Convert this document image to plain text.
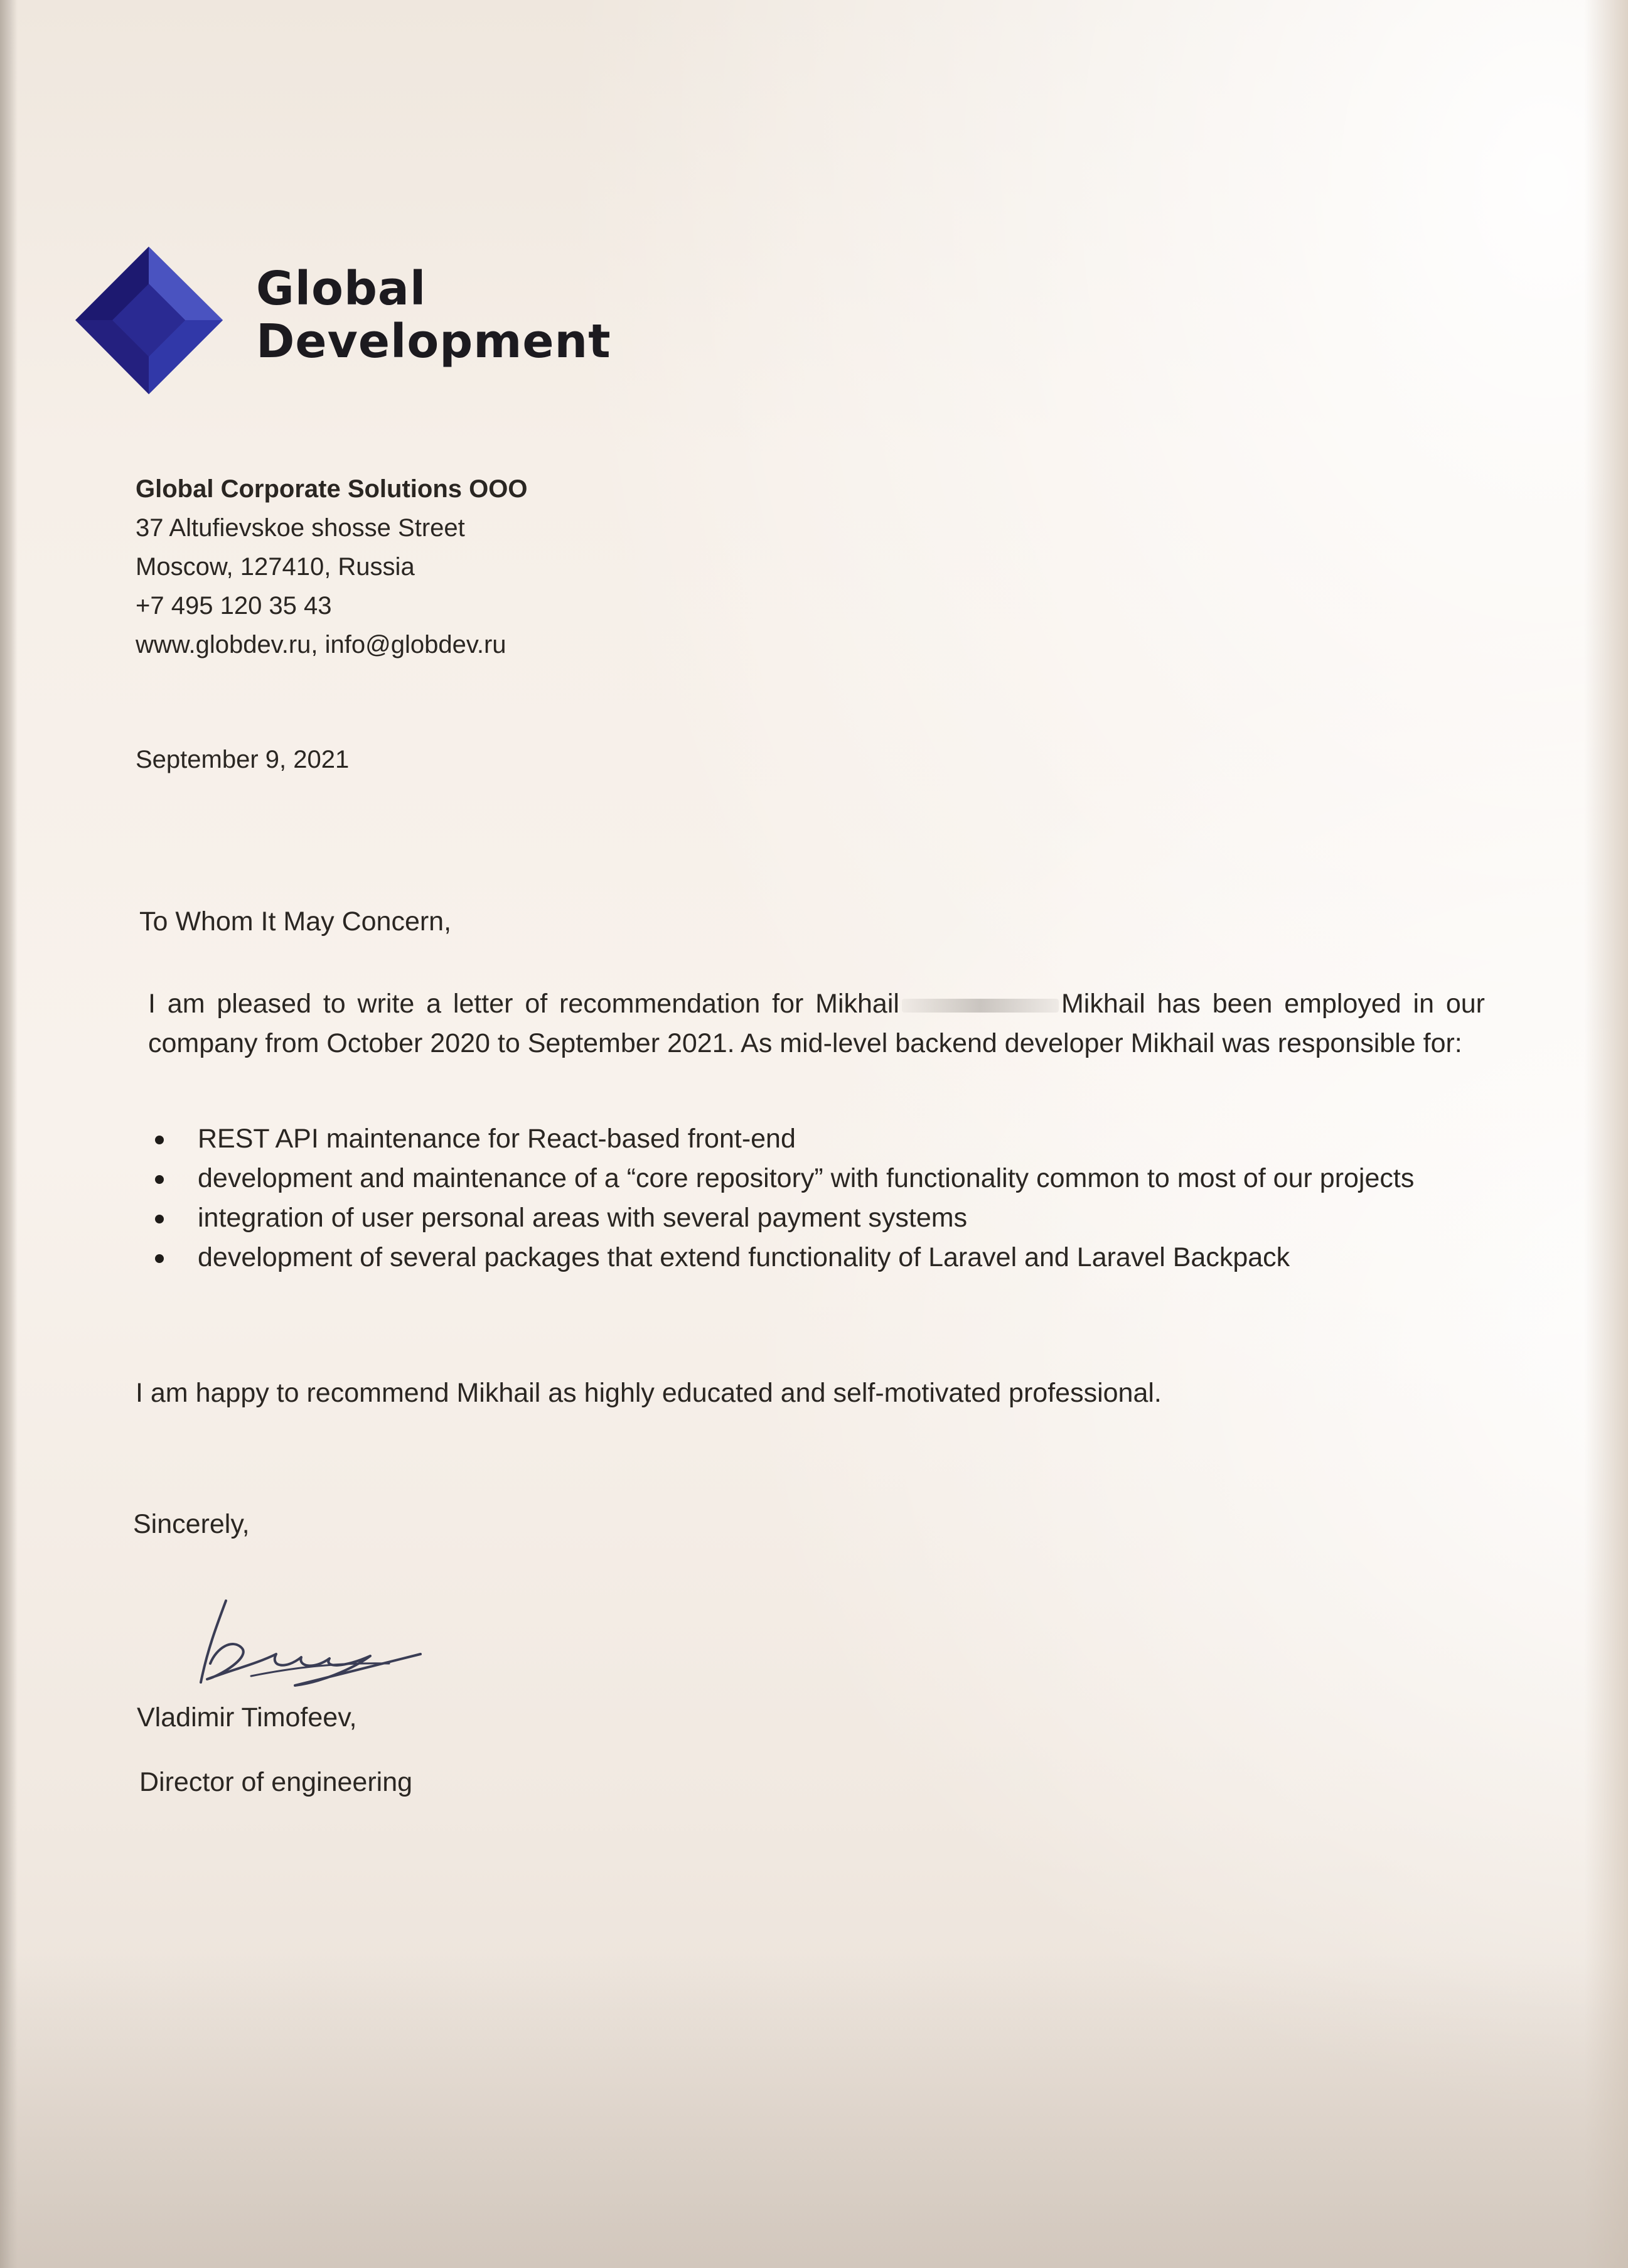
Global
Development
Global Corporate Solutions OOO
37 Altufievskoe shosse Street
Moscow, 127410, Russia
+7 495 120 35 43
www.globdev.ru, info@globdev.ru
September 9, 2021
To Whom It May Concern,
I am pleased to write a letter of recommendation for Mikhail	Mikhail has been employed in our company from October 2020 to September 2021. As mid-level backend developer Mikhail was responsible for:
REST API maintenance for React-based front-end
development and maintenance of a “core repository” with functionality common to most of our projects
integration of user personal areas with several payment systems
development of several packages that extend functionality of Laravel and Laravel Backpack
I am happy to recommend Mikhail as highly educated and self-motivated professional.
Sincerely,
Vladimir Timofeev,
Director of engineering
